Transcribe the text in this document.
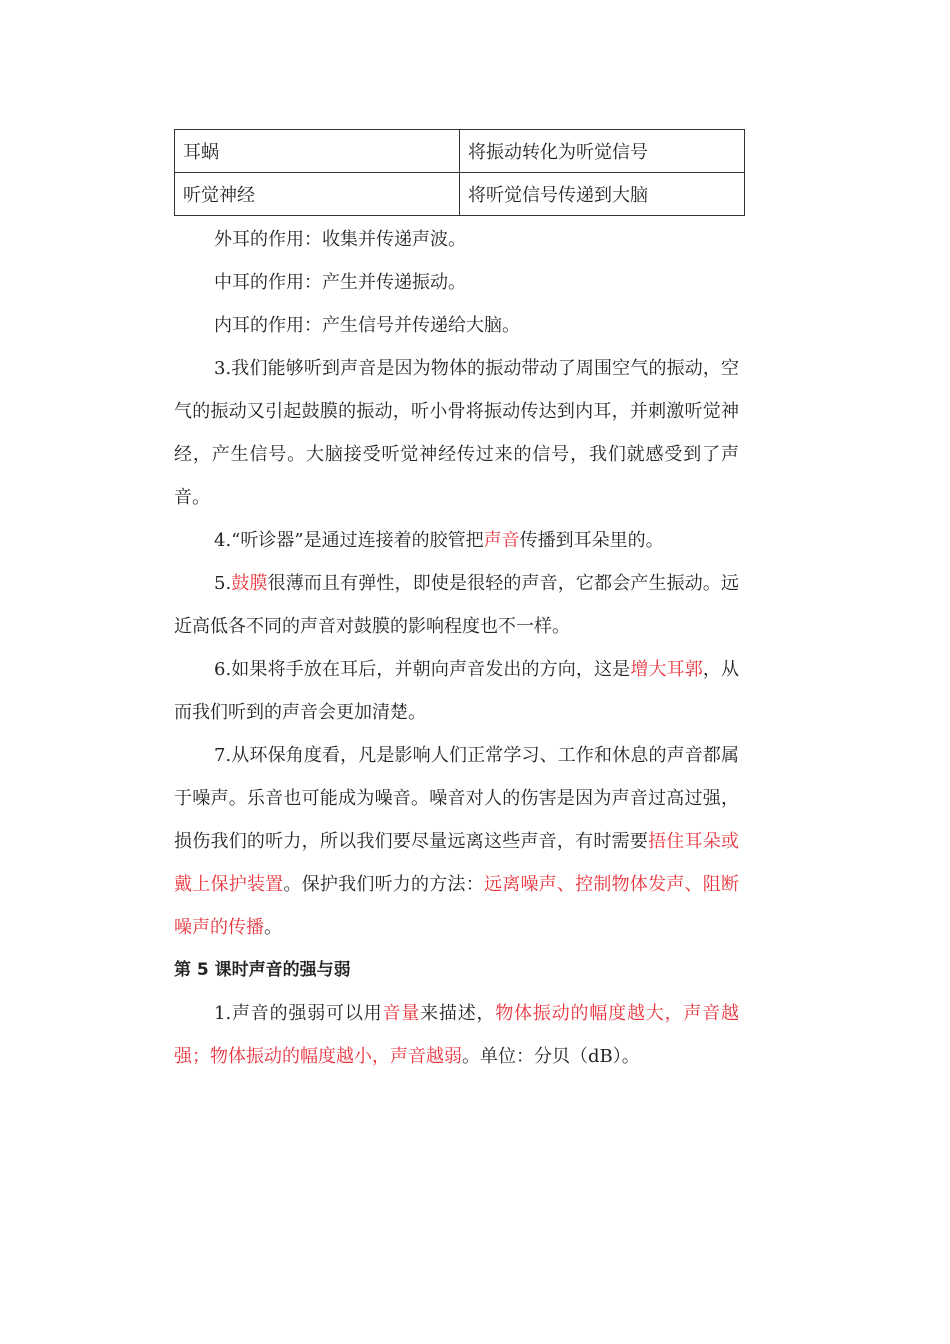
耳蜗	将振动转化为听觉信号
听觉神经	将听觉信号传递到大脑

外耳的作用：收集并传递声波。

中耳的作用：产生并传递振动。

内耳的作用：产生信号并传递给大脑。

3.我们能够听到声音是因为物体的振动带动了周围空气的振动，空气的振动又引起鼓膜的振动，听小骨将振动传达到内耳，并刺激听觉神经，产生信号。大脑接受听觉神经传过来的信号，我们就感受到了声音。

4.“听诊器”是通过连接着的胶管把声音传播到耳朵里的。

5.鼓膜很薄而且有弹性，即使是很轻的声音，它都会产生振动。远近高低各不同的声音对鼓膜的影响程度也不一样。

6.如果将手放在耳后，并朝向声音发出的方向，这是增大耳郭，从而我们听到的声音会更加清楚。

7.从环保角度看，凡是影响人们正常学习、工作和休息的声音都属于噪声。乐音也可能成为噪音。噪音对人的伤害是因为声音过高过强，损伤我们的听力，所以我们要尽量远离这些声音，有时需要捂住耳朵或戴上保护装置。保护我们听力的方法：远离噪声、控制物体发声、阻断噪声的传播。

第 5 课时声音的强与弱

1.声音的强弱可以用音量来描述，物体振动的幅度越大，声音越强；物体振动的幅度越小，声音越弱。单位：分贝（dB）。
